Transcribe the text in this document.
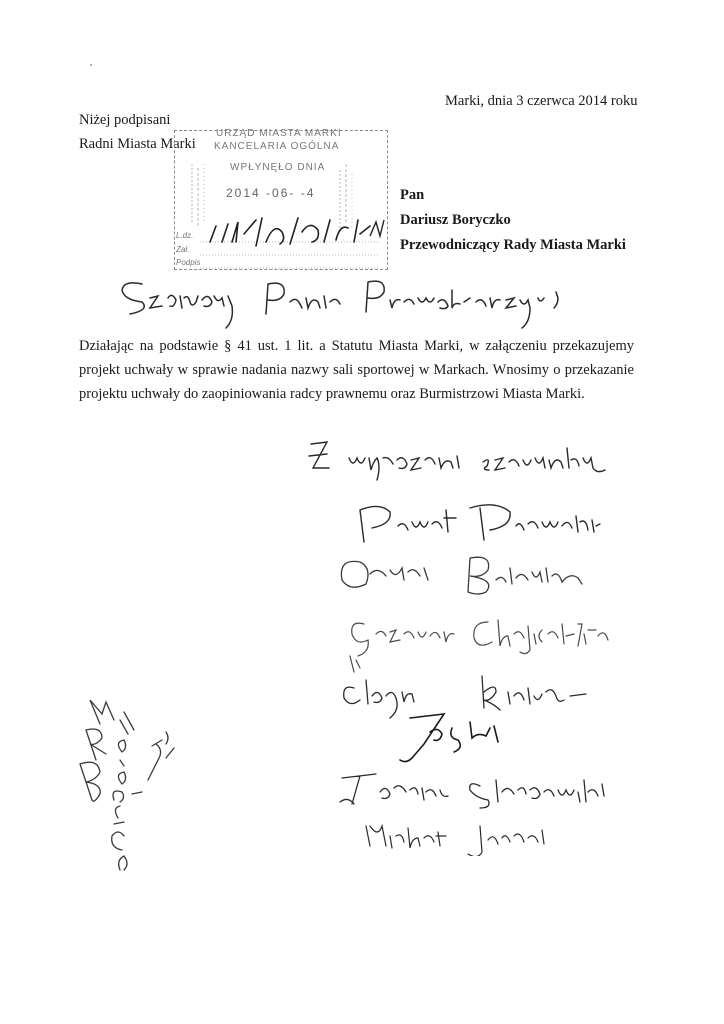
Marki, dnia 3 czerwca 2014 roku
Niżej podpisani
Radni Miasta Marki
URZĄD MIASTA MARKI
KANCELARIA OGÓLNA
WPŁYNĘŁO DNIA
2014 -06- -4
L.dz.
Zał.
Podpis
Pan
Dariusz Boryczko
Przewodniczący Rady Miasta Marki
Działając na podstawie § 41 ust. 1 lit. a Statutu Miasta Marki, w załączeniu przekazujemy projekt uchwały w sprawie nadania nazwy sali sportowej w Markach. Wnosimy o przekazanie projektu uchwały do zaopiniowania radcy prawnemu oraz Burmistrzowi Miasta Marki.
